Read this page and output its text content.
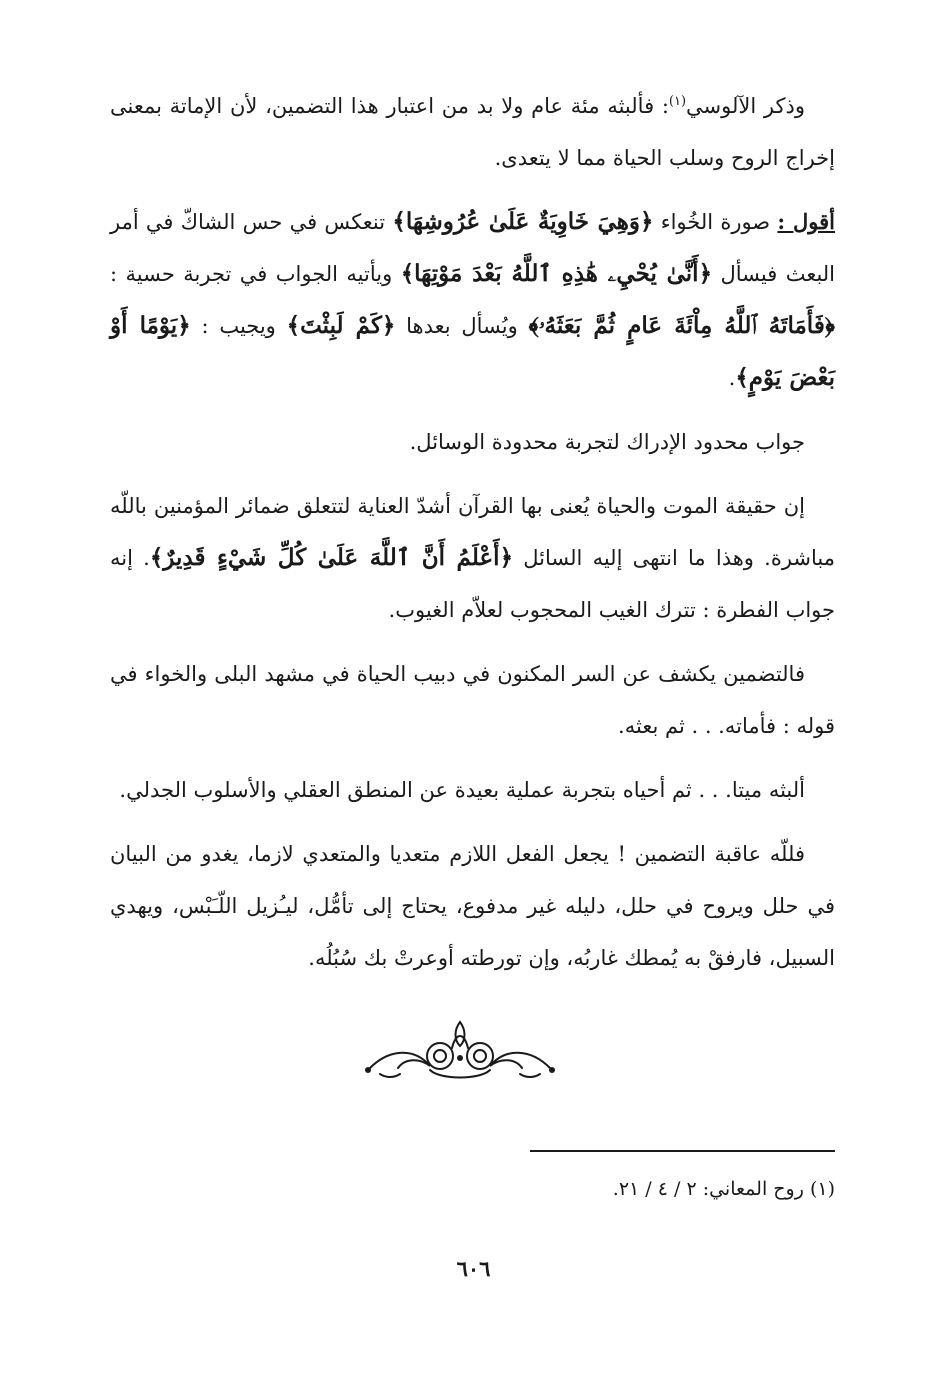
وذكر الآلوسي$^{(١)}$: فألبثه مئة عام ولا بد من اعتبار هذا التضمين، لأن الإماتة بمعنى إخراج الروح وسلب الحياة مما لا يتعدى.

أقول : صورة الخُواء ﴿وَهِيَ خَاوِيَةٌ عَلَىٰ عُرُوشِهَا﴾ تنعكس في حس الشاكّ في أمر البعث فيسأل ﴿أَنَّىٰ يُحْيِۦ هَٰذِهِ ٱللَّهُ بَعْدَ مَوْتِهَا﴾ ويأتيه الجواب في تجربة حسية : ﴿فَأَمَاتَهُ ٱللَّهُ مِاْئَةَ عَامٍ ثُمَّ بَعَثَهُۥ﴾ ويُسأل بعدها ﴿كَمْ لَبِثْتَ﴾ ويجيب : ﴿يَوْمًا أَوْ بَعْضَ يَوْمٍ﴾.

جواب محدود الإدراك لتجربة محدودة الوسائل.

إن حقيقة الموت والحياة يُعنى بها القرآن أشدّ العناية لتتعلق ضمائر المؤمنين باللّه مباشرة. وهذا ما انتهى إليه السائل ﴿أَعْلَمُ أَنَّ ٱللَّهَ عَلَىٰ كُلِّ شَيْءٍ قَدِيرٌ﴾. إنه جواب الفطرة : تترك الغيب المحجوب لعلاّم الغيوب.

فالتضمين يكشف عن السر المكنون في دبيب الحياة في مشهد البلى والخواء في قوله : فأماته. . . ثم بعثه.

ألبثه ميتا. . . ثم أحياه بتجربة عملية بعيدة عن المنطق العقلي والأسلوب الجدلي.

فللّه عاقبة التضمين ! يجعل الفعل اللازم متعديا والمتعدي لازما، يغدو من البيان في حلل ويروح في حلل، دليله غير مدفوع، يحتاج إلى تأمُّل، ليـُزيل اللّـَبْس، ويهدي السبيل، فارفقْ به يُمطك غاربُه، وإن تورطته أوعرتْ بك سُبُلُه.

(١) روح المعاني: ٢ / ٤ / ٢١.
٦٠٦
